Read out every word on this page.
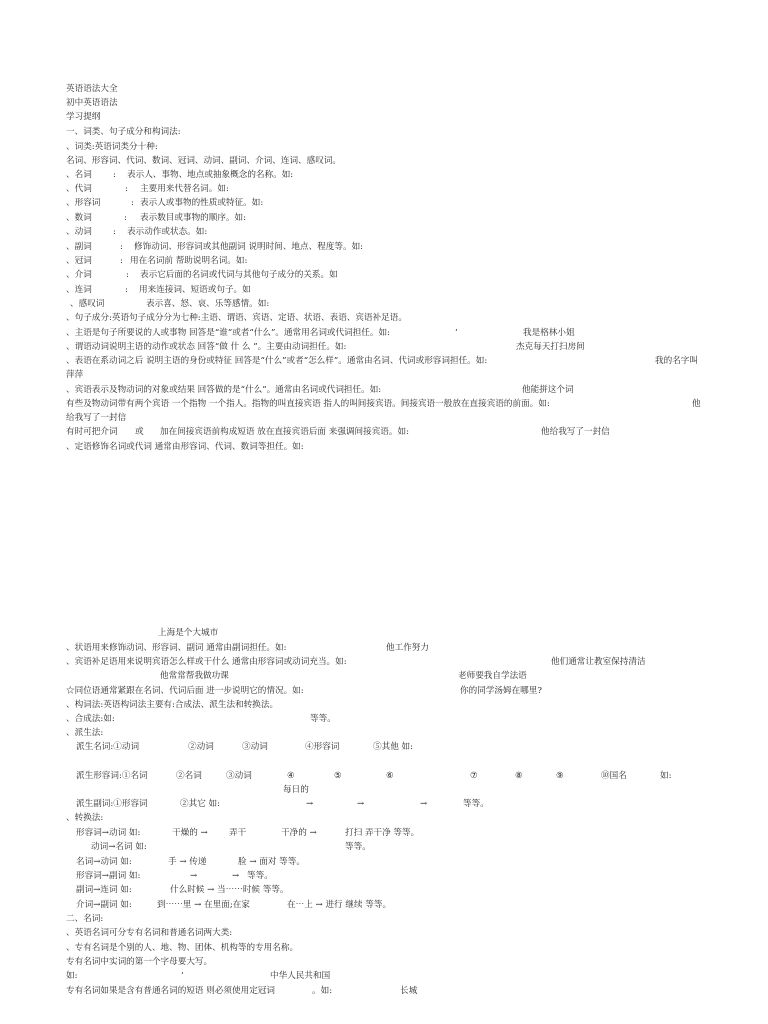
英语语法大全
初中英语语法
学习提纲
一、词类、句子成分和构词法:
、词类:英语词类分十种:
名词、形容词、代词、数词、冠词、动词、副词、介词、连词、感叹词。
、名词 : 表示人、事物、地点或抽象概念的名称。如:
、代词	: 主要用来代替名词。如:
、形容词	: 表示人或事物的性质或特征。如:
、数词	: 表示数目或事物的顺序。如:
、动词 : 表示动作或状态。如:
、副词	: 修饰动词、形容词或其他副词 说明时间、地点、程度等。如:
、冠词	: 用在名词前 帮助说明名词。如:
、介词	: 表示它后面的名词或代词与其他句子成分的关系。如
、连词	: 用来连接词、短语或句子。如
、感叹词	表示喜、怒、哀、乐等感情。如:
、句子成分:英语句子成分分为七种:主语、谓语、宾语、定语、状语、表语、宾语补足语。
、主语是句子所要说的人或事物 回答是“谁”或者“什么”。通常用名词或代词担任。如:	’	我是格林小姐
、谓语动词说明主语的动作或状态 回答“做 什 么 ”。主要由动词担任。如:	杰克每天打扫房间
、表语在系动词之后 说明主语的身份或特征 回答是“什么”或者“怎么样”。通常由名词、代词或形容词担任。如:	我的名字叫
萍萍
、宾语表示及物动词的对象或结果 回答做的是“什么”。通常由名词或代词担任。如:	他能拼这个词
有些及物动词带有两个宾语 一个指物 一个指人。指物的叫直接宾语 指人的叫间接宾语。间接宾语一般放在直接宾语的前面。如:	他
给我写了一封信
有时可把介词 或 加在间接宾语前构成短语 放在直接宾语后面 来强调间接宾语。如:	他给我写了一封信
、定语修饰名词或代词 通常由形容词、代词、数词等担任。如:
上海是个大城市
、状语用来修饰动词、形容词、副词 通常由副词担任。如:	他工作努力
、宾语补足语用来说明宾语怎么样或干什么 通常由形容词或动词充当。如:	他们通常让教室保持清洁
他常常帮我做功课	老师要我自学法语
☆同位语通常紧跟在名词、代词后面 进一步说明它的情况。如:	你的同学汤姆在哪里?
、构词法:英语构词法主要有:合成法、派生法和转换法。
、合成法:如:	等等。
、派生法:
派生名词:①动词	②动词	③动词	④形容词	⑤其他 如:
派生形容词:①名词	②名词	③动词	④	⑤	⑥	⑦	⑧	⑨	⑩国名	如:
每日的
派生副词:①形容词	②其它 如:	→	→	→	等等。
、转换法:
形容词→动词 如:	干燥的 → 弄干	干净的 →	打扫 弄干净 等等。
动词→名词 如:	等等。
名词→动词 如:	手 → 传递	脸 → 面对 等等。
形容词→副词 如:	→	→ 等等。
副词→连词 如:	什么时候 → 当⋯⋯时候 等等。
介词→副词 如:	到⋯⋯里 → 在里面;在家	在⋯上 → 进行 继续 等等。
二、名词:
、英语名词可分专有名词和普通名词两大类:
、专有名词是个别的人、地、物、团体、机构等的专用名称。
专有名词中实词的第一个字母要大写。
如:	’	中华人民共和国
专有名词如果是含有普通名词的短语 则必须使用定冠词	。如:	长城
